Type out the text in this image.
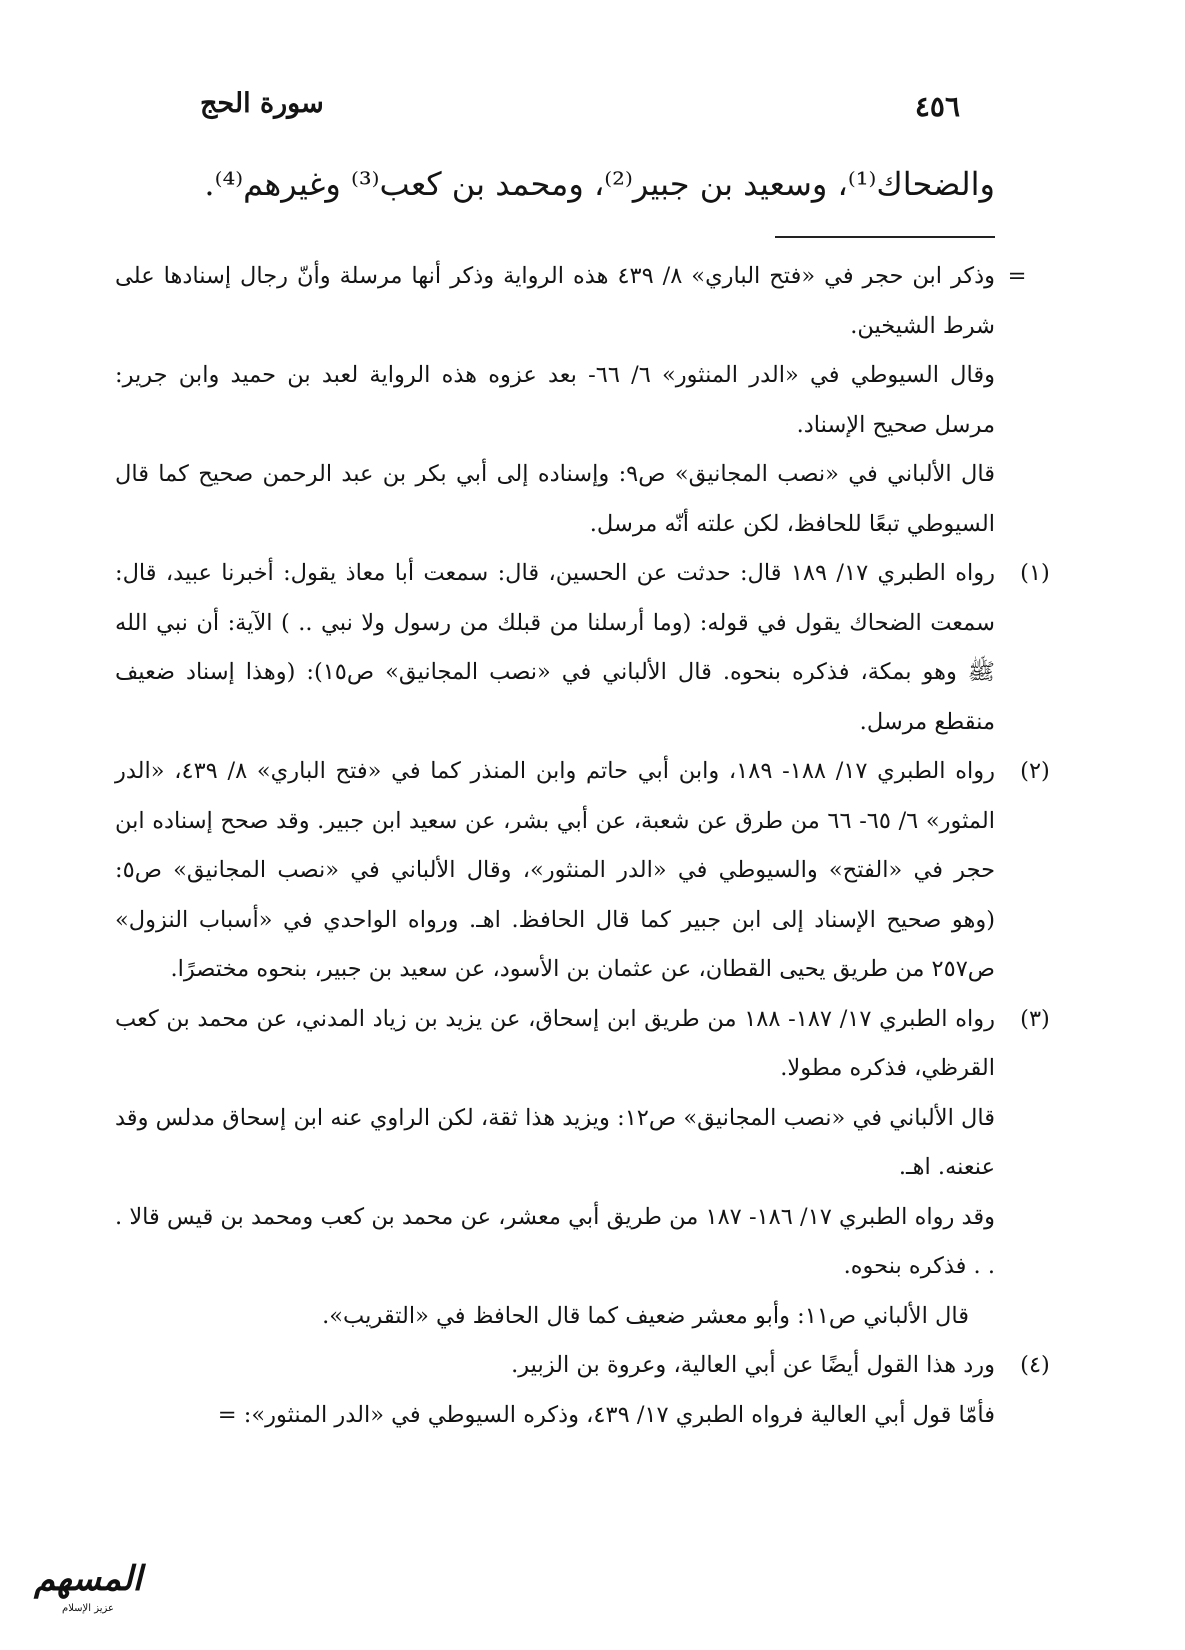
سورة الحج	٤٥٦
والضحاك⁽¹⁾، وسعيد بن جبير⁽²⁾، ومحمد بن كعب⁽³⁾ وغيرهم⁽⁴⁾.
=

وذكر ابن حجر في «فتح الباري» ٨/ ٤٣٩ هذه الرواية وذكر أنها مرسلة وأنّ رجال إسنادها على شرط الشيخين.

وقال السيوطي في «الدر المنثور» ٦/ ٦٦- بعد عزوه هذه الرواية لعبد بن حميد وابن جرير: مرسل صحيح الإسناد.

قال الألباني في «نصب المجانيق» ص٩: وإسناده إلى أبي بكر بن عبد الرحمن صحيح كما قال السيوطي تبعًا للحافظ، لكن علته أنّه مرسل.

(١)

رواه الطبري ١٧/ ١٨٩ قال: حدثت عن الحسين، قال: سمعت أبا معاذ يقول: أخبرنا عبيد، قال: سمعت الضحاك يقول في قوله: (وما أرسلنا من قبلك من رسول ولا نبي .. ) الآية: أن نبي الله ﷺ وهو بمكة، فذكره بنحوه. قال الألباني في «نصب المجانيق» ص١٥): (وهذا إسناد ضعيف منقطع مرسل.

(٢)

رواه الطبري ١٧/ ١٨٨- ١٨٩، وابن أبي حاتم وابن المنذر كما في «فتح الباري» ٨/ ٤٣٩، «الدر المثور» ٦/ ٦٥- ٦٦ من طرق عن شعبة، عن أبي بشر، عن سعيد ابن جبير. وقد صحح إسناده ابن حجر في «الفتح» والسيوطي في «الدر المنثور»، وقال الألباني في «نصب المجانيق» ص٥: (وهو صحيح الإسناد إلى ابن جبير كما قال الحافظ. اهـ. ورواه الواحدي في «أسباب النزول» ص٢٥٧ من طريق يحيى القطان، عن عثمان بن الأسود، عن سعيد بن جبير، بنحوه مختصرًا.

(٣)

رواه الطبري ١٧/ ١٨٧- ١٨٨ من طريق ابن إسحاق، عن يزيد بن زياد المدني، عن محمد بن كعب القرظي، فذكره مطولا.

قال الألباني في «نصب المجانيق» ص١٢: ويزيد هذا ثقة، لكن الراوي عنه ابن إسحاق مدلس وقد عنعنه. اهـ.

وقد رواه الطبري ١٧/ ١٨٦- ١٨٧ من طريق أبي معشر، عن محمد بن كعب ومحمد بن قيس قالا . . . فذكره بنحوه.

قال الألباني ص١١: وأبو معشر ضعيف كما قال الحافظ في «التقريب».

(٤)

ورد هذا القول أيضًا عن أبي العالية، وعروة بن الزبير.

فأمّا قول أبي العالية فرواه الطبري ١٧/ ٤٣٩، وذكره السيوطي في «الدر المنثور»: =

المسهم
عزيز الإسلام
